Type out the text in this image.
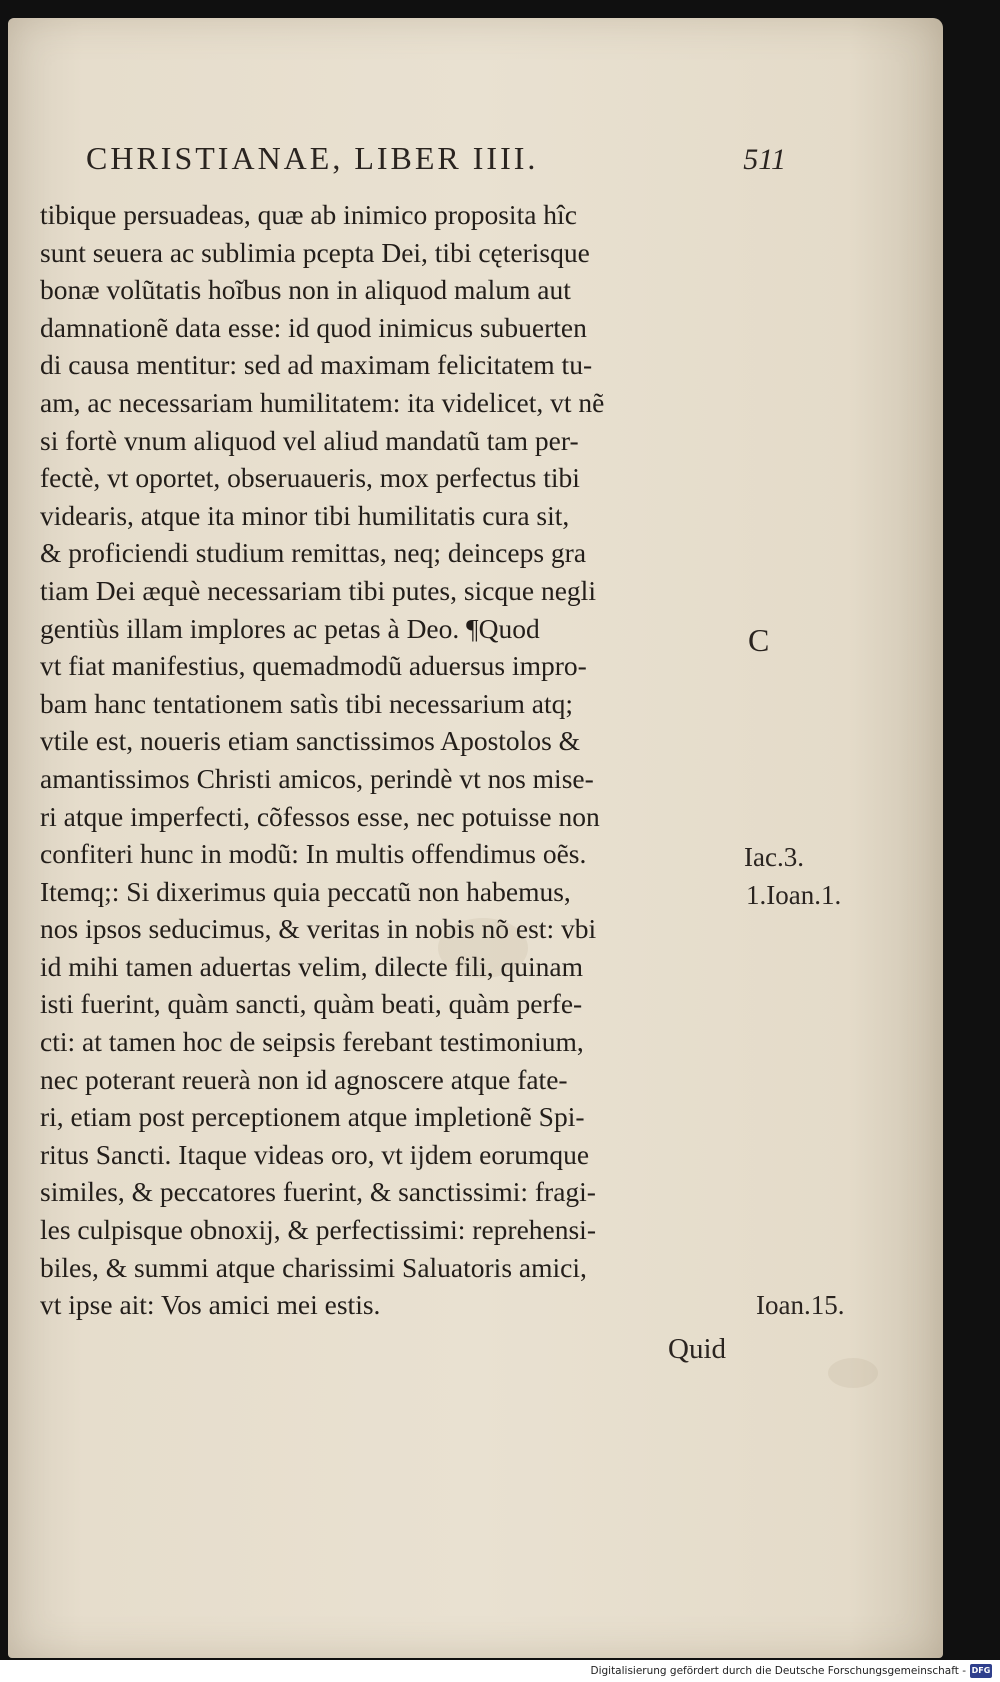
CHRISTIANAE, LIBER IIII.	511
tibique persuadeas, quæ ab inimico proposita hîc
sunt seuera ac sublimia pcepta Dei, tibi cęterisque
bonæ volũtatis hoĩbus non in aliquod malum aut
damnationẽ data esse: id quod inimicus subuerten
di causa mentitur: sed ad maximam felicitatem tu-
am, ac necessariam humilitatem: ita videlicet, vt nẽ
si fortè vnum aliquod vel aliud mandatũ tam per-
fectè, vt oportet, obseruaueris, mox perfectus tibi
videaris, atque ita minor tibi humilitatis cura sit,
& proficiendi studium remittas, neq; deinceps gra
tiam Dei æquè necessariam tibi putes, sicque negli
gentiùs illam implores ac petas à Deo. ¶Quod
vt fiat manifestius, quemadmodũ aduersus impro-
bam hanc tentationem satìs tibi necessarium atq;
vtile est, noueris etiam sanctissimos Apostolos &
amantissimos Christi amicos, perindè vt nos mise-
ri atque imperfecti, cõfessos esse, nec potuisse non
confiteri hunc in modũ: In multis offendimus oẽs.
Itemq;: Si dixerimus quia peccatũ non habemus,
nos ipsos seducimus, & veritas in nobis nõ est: vbi
id mihi tamen aduertas velim, dilecte fili, quinam
isti fuerint, quàm sancti, quàm beati, quàm perfe-
cti: at tamen hoc de seipsis ferebant testimonium,
nec poterant reuerà non id agnoscere atque fate-
ri, etiam post perceptionem atque impletionẽ Spi-
ritus Sancti. Itaque videas oro, vt ijdem eorumque
similes, & peccatores fuerint, & sanctissimi: fragi-
les culpisque obnoxij, & perfectissimi: reprehensi-
biles, & summi atque charissimi Saluatoris amici,
vt ipse ait: Vos amici mei estis.
C
Iac.3.
1.Ioan.1.
Ioan.15.
Quid
Digitalisierung gefördert durch die Deutsche Forschungsgemeinschaft - DFG
